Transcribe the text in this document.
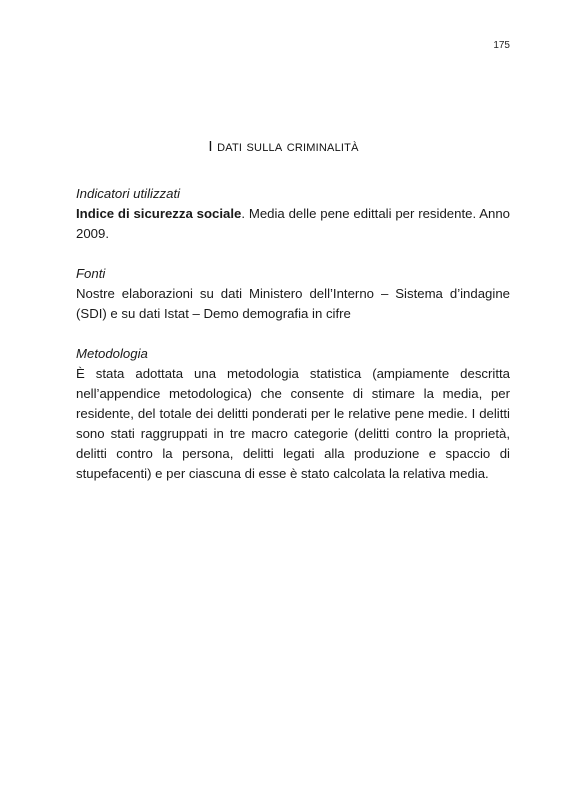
175
I dati sulla criminalità

Indicatori utilizzati

Indice di sicurezza sociale. Media delle pene edittali per residente. Anno 2009.

Fonti

Nostre elaborazioni su dati Ministero dell’Interno – Sistema d’indagine (SDI) e su dati Istat – Demo demografia in cifre

Metodologia

È stata adottata una metodologia statistica (ampiamente descritta nell’appendice metodologica) che consente di stimare la media, per residente, del totale dei delitti ponderati per le relative pene medie. I delitti sono stati raggruppati in tre macro categorie (delitti contro la proprietà, delitti contro la persona, delitti legati alla produzione e spaccio di stupefacenti) e per ciascuna di esse è stato calcolata la relativa media.
